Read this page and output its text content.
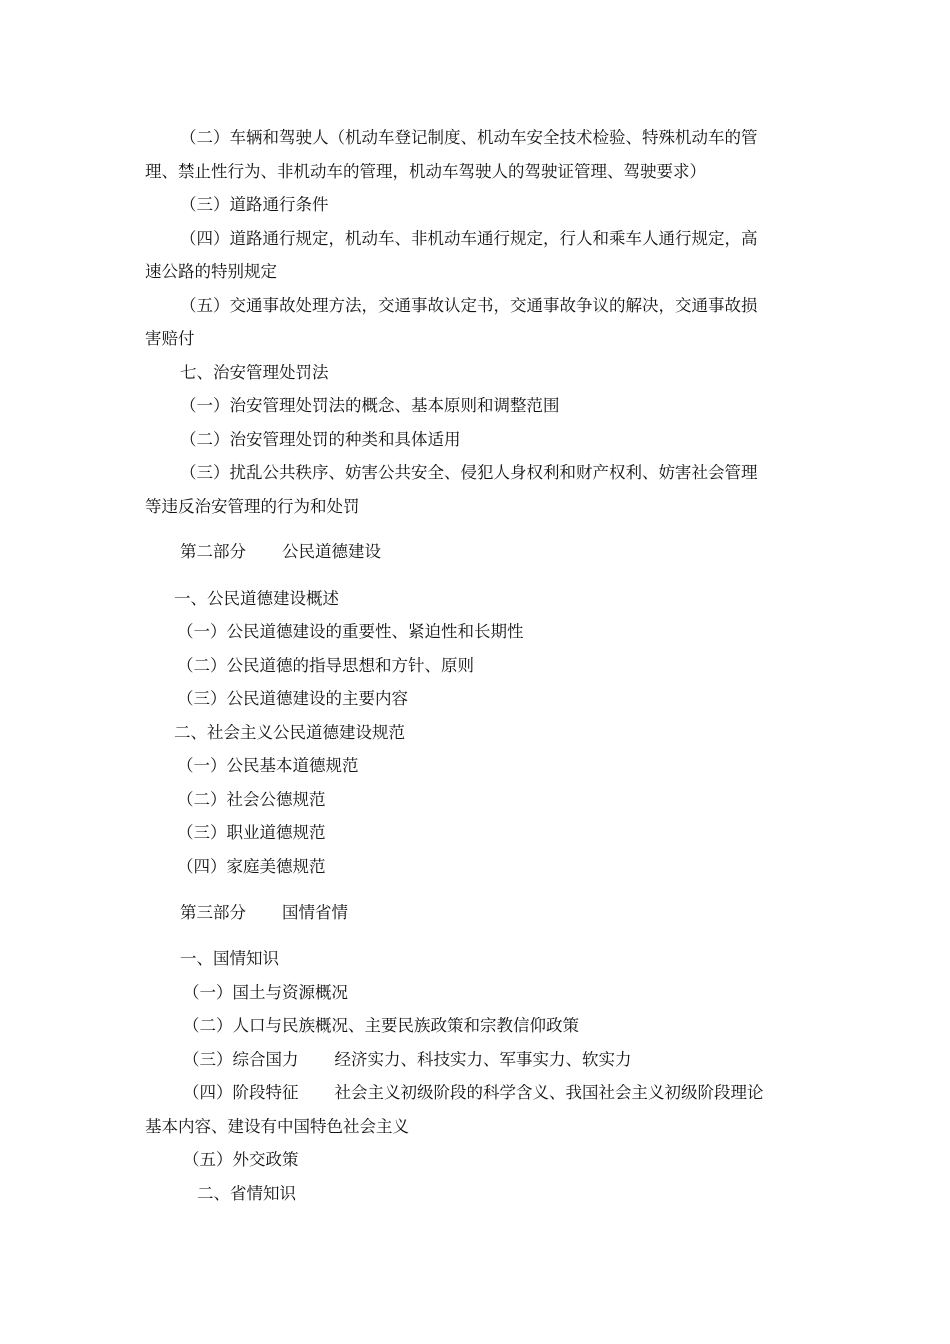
（二）车辆和驾驶人（机动车登记制度、机动车安全技术检验、特殊机动车的管
理、禁止性行为、非机动车的管理，机动车驾驶人的驾驶证管理、驾驶要求）
（三）道路通行条件
（四）道路通行规定，机动车、非机动车通行规定，行人和乘车人通行规定，高
速公路的特别规定
（五）交通事故处理方法，交通事故认定书，交通事故争议的解决，交通事故损
害赔付
七、治安管理处罚法
（一）治安管理处罚法的概念、基本原则和调整范围
（二）治安管理处罚的种类和具体适用
（三）扰乱公共秩序、妨害公共安全、侵犯人身权利和财产权利、妨害社会管理
等违反治安管理的行为和处罚
第二部分 公民道德建设
一、公民道德建设概述
（一）公民道德建设的重要性、紧迫性和长期性
（二）公民道德的指导思想和方针、原则
（三）公民道德建设的主要内容
二、社会主义公民道德建设规范
（一）公民基本道德规范
（二）社会公德规范
（三）职业道德规范
（四）家庭美德规范
第三部分 国情省情
一、国情知识
（一）国土与资源概况
（二）人口与民族概况、主要民族政策和宗教信仰政策
（三）综合国力 经济实力、科技实力、军事实力、软实力
（四）阶段特征 社会主义初级阶段的科学含义、我国社会主义初级阶段理论
基本内容、建设有中国特色社会主义
（五）外交政策
二、省情知识
